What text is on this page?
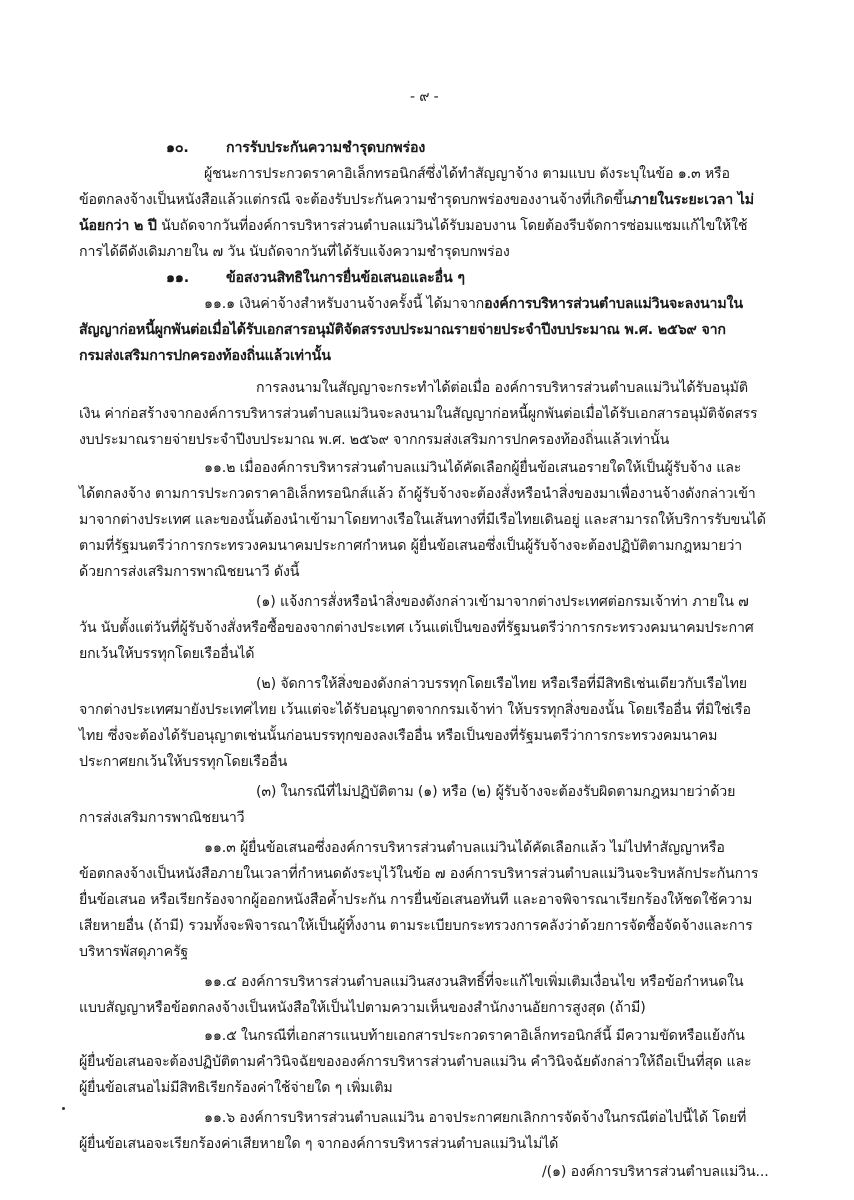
- ๙ -
๑๐.	การรับประกันความชำรุดบกพร่อง
ผู้ชนะการประกวดราคาอิเล็กทรอนิกส์ซึ่งได้ทำสัญญาจ้าง ตามแบบ ดังระบุในข้อ ๑.๓ หรือ
ข้อตกลงจ้างเป็นหนังสือแล้วแต่กรณี จะต้องรับประกันความชำรุดบกพร่องของงานจ้างที่เกิดขึ้นภายในระยะเวลา ไม่
น้อยกว่า ๒ ปี นับถัดจากวันที่องค์การบริหารส่วนตำบลแม่วินได้รับมอบงาน โดยต้องรีบจัดการซ่อมแซมแก้ไขให้ใช้
การได้ดีดังเดิมภายใน ๗ วัน นับถัดจากวันที่ได้รับแจ้งความชำรุดบกพร่อง
๑๑.	ข้อสงวนสิทธิในการยื่นข้อเสนอและอื่น ๆ
๑๑.๑ เงินค่าจ้างสำหรับงานจ้างครั้งนี้ ได้มาจากองค์การบริหารส่วนตำบลแม่วินจะลงนามใน
สัญญาก่อหนี้ผูกพันต่อเมื่อได้รับเอกสารอนุมัติจัดสรรงบประมาณรายจ่ายประจำปีงบประมาณ พ.ศ. ๒๕๖๙ จาก
กรมส่งเสริมการปกครองท้องถิ่นแล้วเท่านั้น
การลงนามในสัญญาจะกระทำได้ต่อเมื่อ องค์การบริหารส่วนตำบลแม่วินได้รับอนุมัติ
เงิน ค่าก่อสร้างจากองค์การบริหารส่วนตำบลแม่วินจะลงนามในสัญญาก่อหนี้ผูกพันต่อเมื่อได้รับเอกสารอนุมัติจัดสรร
งบประมาณรายจ่ายประจำปีงบประมาณ พ.ศ. ๒๕๖๙ จากกรมส่งเสริมการปกครองท้องถิ่นแล้วเท่านั้น
๑๑.๒ เมื่อองค์การบริหารส่วนตำบลแม่วินได้คัดเลือกผู้ยื่นข้อเสนอรายใดให้เป็นผู้รับจ้าง และ
ได้ตกลงจ้าง ตามการประกวดราคาอิเล็กทรอนิกส์แล้ว ถ้าผู้รับจ้างจะต้องสั่งหรือนำสิ่งของมาเพื่องานจ้างดังกล่าวเข้า
มาจากต่างประเทศ และของนั้นต้องนำเข้ามาโดยทางเรือในเส้นทางที่มีเรือไทยเดินอยู่ และสามารถให้บริการรับขนได้
ตามที่รัฐมนตรีว่าการกระทรวงคมนาคมประกาศกำหนด ผู้ยื่นข้อเสนอซึ่งเป็นผู้รับจ้างจะต้องปฏิบัติตามกฎหมายว่า
ด้วยการส่งเสริมการพาณิชยนาวี ดังนี้
(๑) แจ้งการสั่งหรือนำสิ่งของดังกล่าวเข้ามาจากต่างประเทศต่อกรมเจ้าท่า ภายใน ๗
วัน นับตั้งแต่วันที่ผู้รับจ้างสั่งหรือซื้อของจากต่างประเทศ เว้นแต่เป็นของที่รัฐมนตรีว่าการกระทรวงคมนาคมประกาศ
ยกเว้นให้บรรทุกโดยเรืออื่นได้
(๒) จัดการให้สิ่งของดังกล่าวบรรทุกโดยเรือไทย หรือเรือที่มีสิทธิเช่นเดียวกับเรือไทย
จากต่างประเทศมายังประเทศไทย เว้นแต่จะได้รับอนุญาตจากกรมเจ้าท่า ให้บรรทุกสิ่งของนั้น โดยเรืออื่น ที่มิใช่เรือ
ไทย ซึ่งจะต้องได้รับอนุญาตเช่นนั้นก่อนบรรทุกของลงเรืออื่น หรือเป็นของที่รัฐมนตรีว่าการกระทรวงคมนาคม
ประกาศยกเว้นให้บรรทุกโดยเรืออื่น
(๓) ในกรณีที่ไม่ปฏิบัติตาม (๑) หรือ (๒) ผู้รับจ้างจะต้องรับผิดตามกฎหมายว่าด้วย
การส่งเสริมการพาณิชยนาวี
๑๑.๓ ผู้ยื่นข้อเสนอซึ่งองค์การบริหารส่วนตำบลแม่วินได้คัดเลือกแล้ว ไม่ไปทำสัญญาหรือ
ข้อตกลงจ้างเป็นหนังสือภายในเวลาที่กำหนดดังระบุไว้ในข้อ ๗ องค์การบริหารส่วนตำบลแม่วินจะริบหลักประกันการ
ยื่นข้อเสนอ หรือเรียกร้องจากผู้ออกหนังสือค้ำประกัน การยื่นข้อเสนอทันที และอาจพิจารณาเรียกร้องให้ชดใช้ความ
เสียหายอื่น (ถ้ามี) รวมทั้งจะพิจารณาให้เป็นผู้ทิ้งงาน ตามระเบียบกระทรวงการคลังว่าด้วยการจัดซื้อจัดจ้างและการ
บริหารพัสดุภาครัฐ
๑๑.๔ องค์การบริหารส่วนตำบลแม่วินสงวนสิทธิ์ที่จะแก้ไขเพิ่มเติมเงื่อนไข หรือข้อกำหนดใน
แบบสัญญาหรือข้อตกลงจ้างเป็นหนังสือให้เป็นไปตามความเห็นของสำนักงานอัยการสูงสุด (ถ้ามี)
๑๑.๕ ในกรณีที่เอกสารแนบท้ายเอกสารประกวดราคาอิเล็กทรอนิกส์นี้ มีความขัดหรือแย้งกัน
ผู้ยื่นข้อเสนอจะต้องปฏิบัติตามคำวินิจฉัยขององค์การบริหารส่วนตำบลแม่วิน คำวินิจฉัยดังกล่าวให้ถือเป็นที่สุด และ
ผู้ยื่นข้อเสนอไม่มีสิทธิเรียกร้องค่าใช้จ่ายใด ๆ เพิ่มเติม
๑๑.๖ องค์การบริหารส่วนตำบลแม่วิน อาจประกาศยกเลิกการจัดจ้างในกรณีต่อไปนี้ได้ โดยที่
ผู้ยื่นข้อเสนอจะเรียกร้องค่าเสียหายใด ๆ จากองค์การบริหารส่วนตำบลแม่วินไม่ได้
/(๑) องค์การบริหารส่วนตำบลแม่วิน...
